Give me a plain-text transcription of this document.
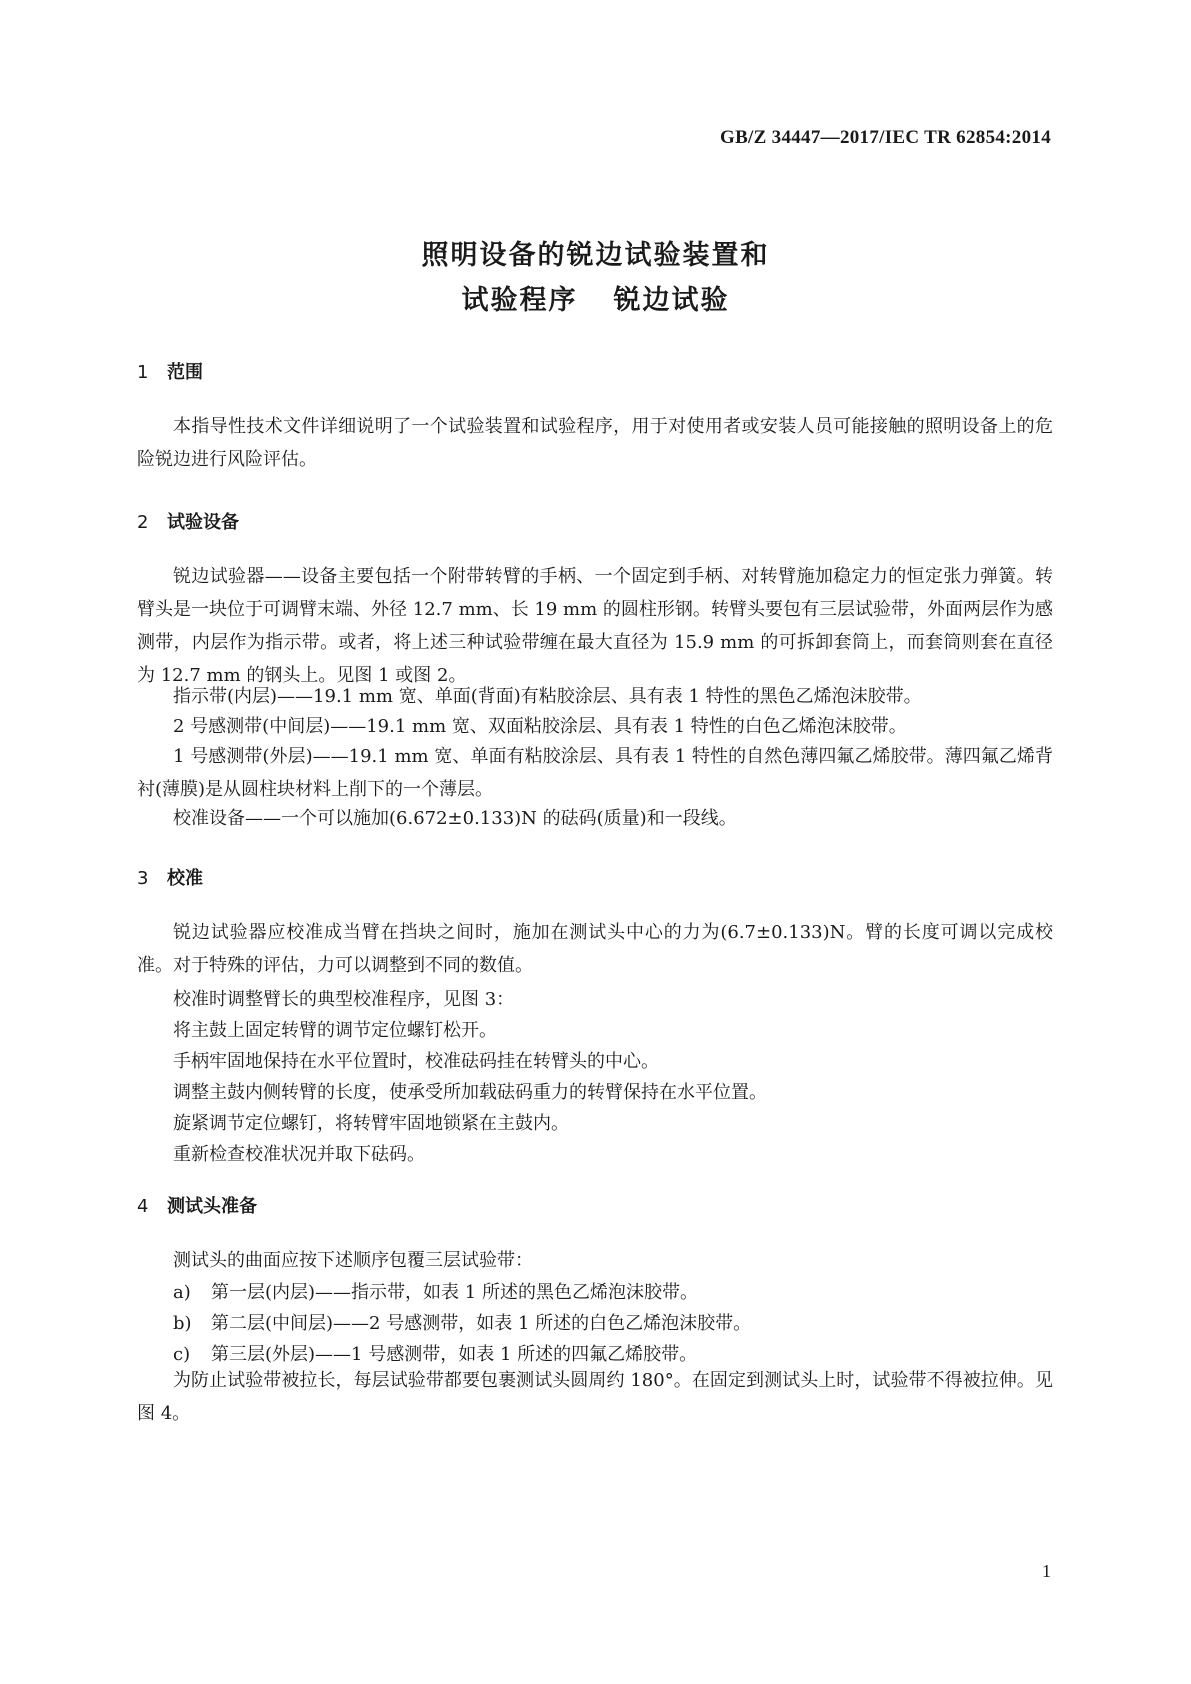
GB/Z 34447—2017/IEC TR 62854:2014
照明设备的锐边试验装置和
试验程序 锐边试验
1 范围
本指导性技术文件详细说明了一个试验装置和试验程序，用于对使用者或安装人员可能接触的照明设备上的危险锐边进行风险评估。
2 试验设备
锐边试验器——设备主要包括一个附带转臂的手柄、一个固定到手柄、对转臂施加稳定力的恒定张力弹簧。转臂头是一块位于可调臂末端、外径 12.7 mm、长 19 mm 的圆柱形钢。转臂头要包有三层试验带，外面两层作为感测带，内层作为指示带。或者，将上述三种试验带缠在最大直径为 15.9 mm 的可拆卸套筒上，而套筒则套在直径为 12.7 mm 的钢头上。见图 1 或图 2。
指示带(内层)——19.1 mm 宽、单面(背面)有粘胶涂层、具有表 1 特性的黑色乙烯泡沫胶带。
2 号感测带(中间层)——19.1 mm 宽、双面粘胶涂层、具有表 1 特性的白色乙烯泡沫胶带。
1 号感测带(外层)——19.1 mm 宽、单面有粘胶涂层、具有表 1 特性的自然色薄四氟乙烯胶带。薄四氟乙烯背衬(薄膜)是从圆柱块材料上削下的一个薄层。
校准设备——一个可以施加(6.672±0.133)N 的砝码(质量)和一段线。
3 校准
锐边试验器应校准成当臂在挡块之间时，施加在测试头中心的力为(6.7±0.133)N。臂的长度可调以完成校准。对于特殊的评估，力可以调整到不同的数值。
校准时调整臂长的典型校准程序，见图 3：
将主鼓上固定转臂的调节定位螺钉松开。
手柄牢固地保持在水平位置时，校准砝码挂在转臂头的中心。
调整主鼓内侧转臂的长度，使承受所加载砝码重力的转臂保持在水平位置。
旋紧调节定位螺钉，将转臂牢固地锁紧在主鼓内。
重新检查校准状况并取下砝码。
4 测试头准备
测试头的曲面应按下述顺序包覆三层试验带：
a) 第一层(内层)——指示带，如表 1 所述的黑色乙烯泡沫胶带。
b) 第二层(中间层)——2 号感测带，如表 1 所述的白色乙烯泡沫胶带。
c) 第三层(外层)——1 号感测带，如表 1 所述的四氟乙烯胶带。
为防止试验带被拉长，每层试验带都要包裹测试头圆周约 180°。在固定到测试头上时，试验带不得被拉伸。见图 4。
1
